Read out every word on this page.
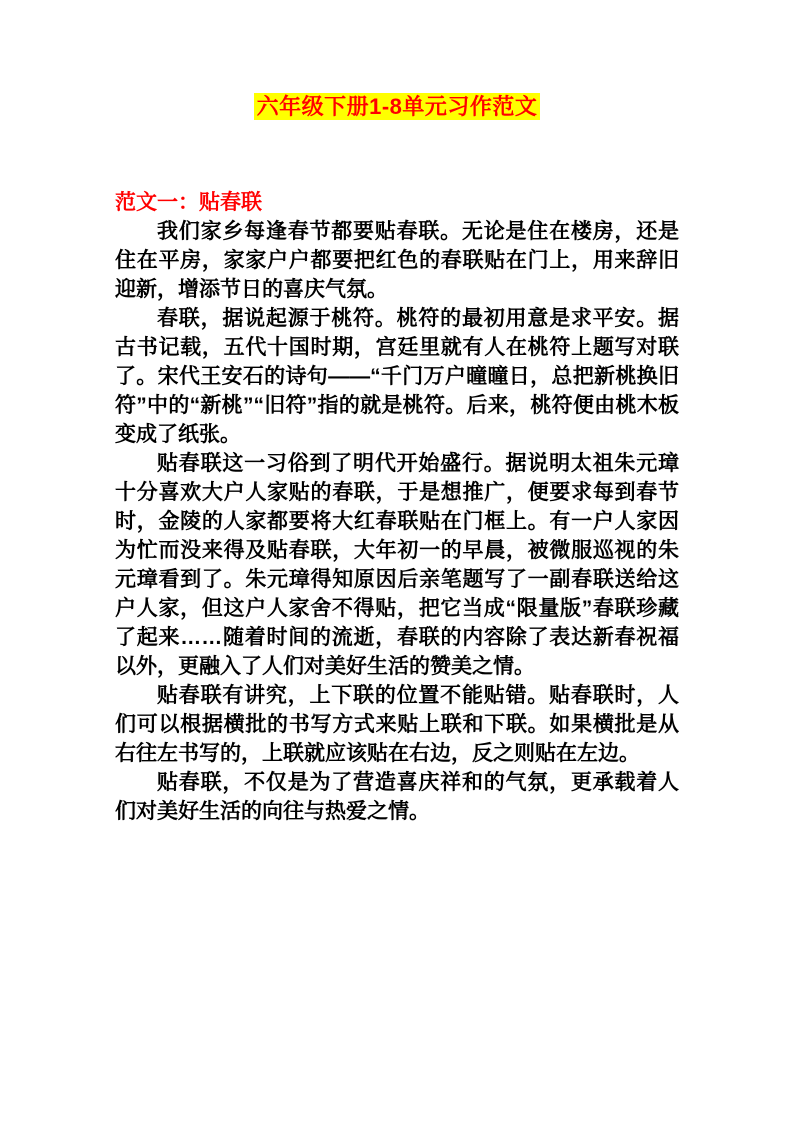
六年级下册1-8单元习作范文
范文一：贴春联

我们家乡每逢春节都要贴春联。无论是住在楼房，还是住在平房，家家户户都要把红色的春联贴在门上，用来辞旧迎新，增添节日的喜庆气氛。

春联，据说起源于桃符。桃符的最初用意是求平安。据古书记载，五代十国时期，宫廷里就有人在桃符上题写对联了。宋代王安石的诗句——“千门万户曈曈日，总把新桃换旧符”中的“新桃”“旧符”指的就是桃符。后来，桃符便由桃木板变成了纸张。

贴春联这一习俗到了明代开始盛行。据说明太祖朱元璋十分喜欢大户人家贴的春联，于是想推广，便要求每到春节时，金陵的人家都要将大红春联贴在门框上。有一户人家因为忙而没来得及贴春联，大年初一的早晨，被微服巡视的朱元璋看到了。朱元璋得知原因后亲笔题写了一副春联送给这户人家，但这户人家舍不得贴，把它当成“限量版”春联珍藏了起来……随着时间的流逝，春联的内容除了表达新春祝福以外，更融入了人们对美好生活的赞美之情。

贴春联有讲究，上下联的位置不能贴错。贴春联时，人们可以根据横批的书写方式来贴上联和下联。如果横批是从右往左书写的，上联就应该贴在右边，反之则贴在左边。

贴春联，不仅是为了营造喜庆祥和的气氛，更承载着人们对美好生活的向往与热爱之情。
